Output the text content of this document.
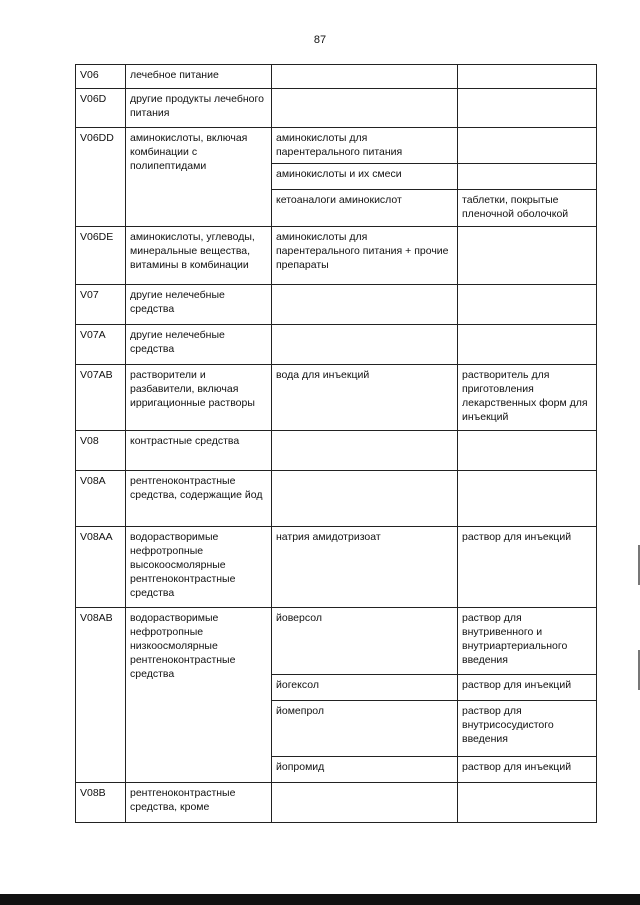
87
V06	лечебное питание		
V06D	другие продукты лечебного питания		
V06DD	аминокислоты, включая комбинации с полипептидами	аминокислоты для парентерального питания	
		аминокислоты и их смеси	
		кетоаналоги аминокислот	таблетки, покрытые пленочной оболочкой
V06DE	аминокислоты, углеводы, минеральные вещества, витамины в комбинации	аминокислоты для парентерального питания + прочие препараты	
V07	другие нелечебные средства		
V07A	другие нелечебные средства		
V07AB	растворители и разбавители, включая ирригационные растворы	вода для инъекций	растворитель для приготовления лекарственных форм для инъекций
V08	контрастные средства		
V08A	рентгеноконтрастные средства, содержащие йод		
V08AA	водорастворимые нефротропные высокоосмолярные рентгеноконтрастные средства	натрия амидотризоат	раствор для инъекций
V08AB	водорастворимые нефротропные низкоосмолярные рентгеноконтрастные средства	йоверсол	раствор для внутривенного и внутриартериального введения
		йогексол	раствор для инъекций
		йомепрол	раствор для внутрисосудистого введения
		йопромид	раствор для инъекций
V08B	рентгеноконтрастные средства, кроме		
